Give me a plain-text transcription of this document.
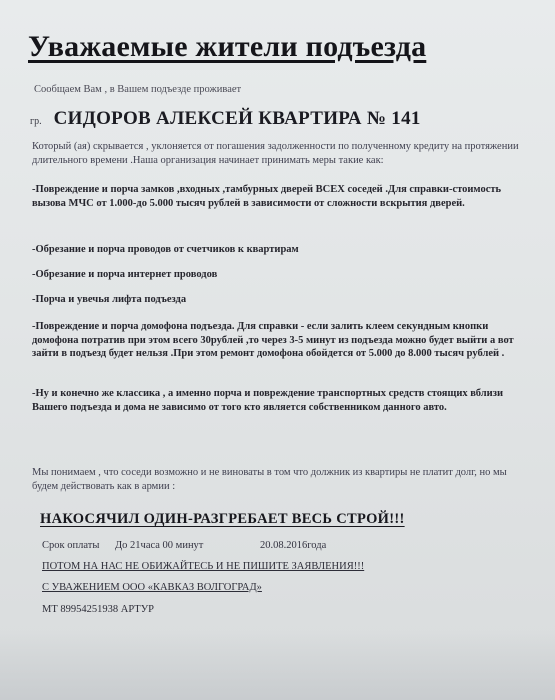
Уважаемые жители подъезда
Сообщаем Вам , в Вашем подъезде проживает
гр. СИДОРОВ АЛЕКСЕЙ КВАРТИРА № 141
Который (ая) скрывается , уклоняется от погашения задолженности по полученному кредиту на протяжении длительного времени .Наша организация начинает принимать меры такие как:
-Повреждение и порча замков ,входных ,тамбурных дверей ВСЕХ соседей .Для справки-стоимость вызова МЧС от 1.000-до 5.000 тысяч рублей в зависимости от сложности вскрытия дверей.
-Обрезание и порча проводов от счетчиков к квартирам
-Обрезание и порча интернет проводов
-Порча и увечья лифта подъезда
-Повреждение и порча домофона подъезда. Для справки - если залить клеем секундным кнопки домофона потратив при этом всего 30рублей ,то через 3-5 минут из подъезда можно будет выйти а вот зайти в подъезд будет нельзя .При этом ремонт домофона обойдется от 5.000 до 8.000 тысяч рублей .
-Ну и конечно же классика , а именно порча и повреждение транспортных средств стоящих вблизи Вашего подъезда и дома не зависимо от того кто является собственником данного авто.
Мы понимаем , что соседи возможно и не виноваты в том что должник из квартиры не платит долг, но мы будем действовать как в армии :
НАКОСЯЧИЛ ОДИН-РАЗГРЕБАЕТ ВЕСЬ СТРОЙ!!!
Срок оплаты До 21часа 00 минут	20.08.2016года
ПОТОМ НА НАС НЕ ОБИЖАЙТЕСЬ И НЕ ПИШИТЕ ЗАЯВЛЕНИЯ!!!
С УВАЖЕНИЕМ ООО «КАВКАЗ ВОЛГОГРАД»
МТ 89954251938 АРТУР
